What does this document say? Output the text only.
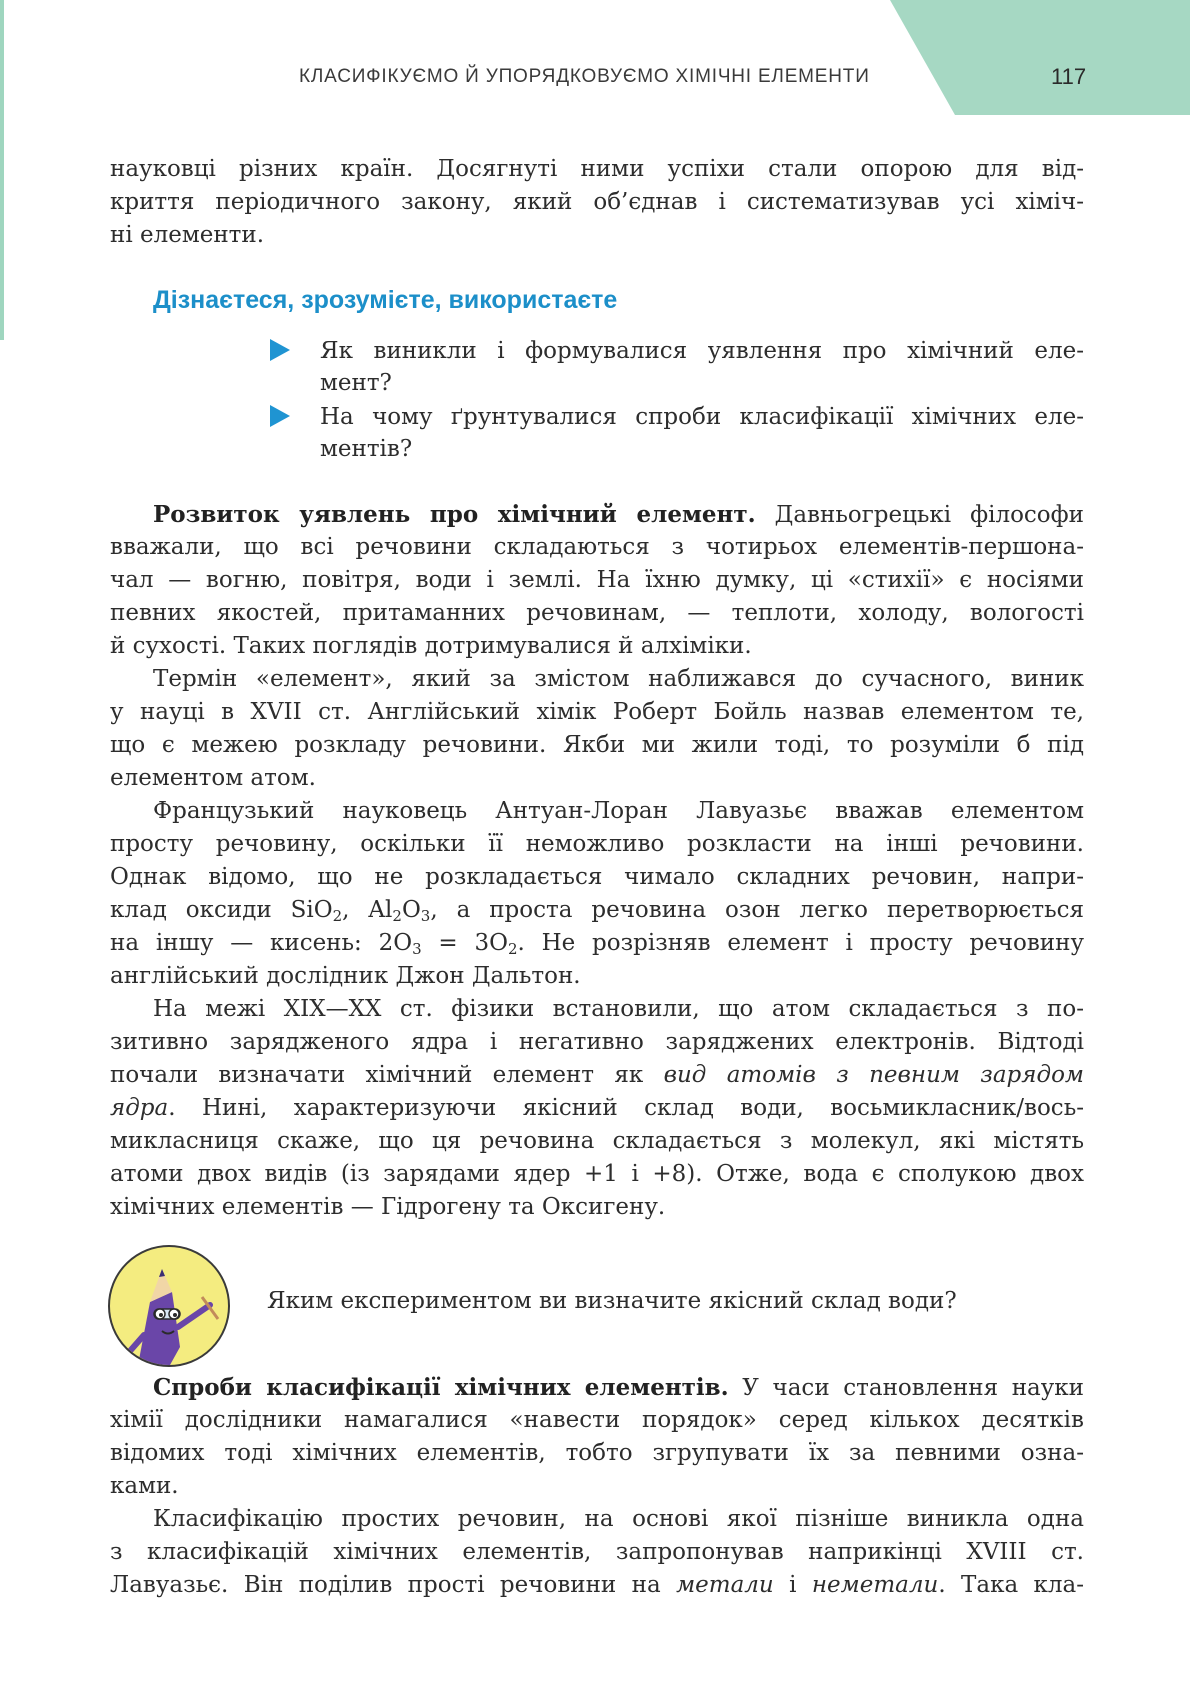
КЛАСИФІКУЄМО Й УПОРЯДКОВУЄМО ХІМІЧНІ ЕЛЕМЕНТИ	117
науковці різних країн. Досягнуті ними успіхи стали опорою для від-
криття періодичного закону, який об’єднав і систематизував усі хіміч-
ні елементи.
Дізнаєтеся, зрозумієте, використаєте
Як виникли і формувалися уявлення про хімічний еле-
мент?
На чому ґрунтувалися спроби класифікації хімічних еле-
ментів?
Розвиток уявлень про хімічний елемент. Давньогрецькі філософи
вважали, що всі речовини складаються з чотирьох елементів-першона-
чал — вогню, повітря, води і землі. На їхню думку, ці «стихії» є носіями
певних якостей, притаманних речовинам, — теплоти, холоду, вологості
й сухості. Таких поглядів дотримувалися й алхіміки.
Термін «елемент», який за змістом наближався до сучасного, виник
у науці в XVII ст. Англійський хімік Роберт Бойль назвав елементом те,
що є межею розкладу речовини. Якби ми жили тоді, то розуміли б під
елементом атом.
Французький науковець Антуан-Лоран Лавуазьє вважав елементом
просту речовину, оскільки її неможливо розкласти на інші речовини.
Однак відомо, що не розкладається чимало складних речовин, напри-
клад оксиди SiO$_2$, $Al_2O_3$, а проста речовина озон легко перетворюється
на іншу — кисень: $2O_3 = 3O_2$. Не розрізняв елемент і просту речовину
англійський дослідник Джон Дальтон.
На межі XIX—XX ст. фізики встановили, що атом складається з по-
зитивно зарядженого ядра і негативно заряджених електронів. Відтоді
почали визначати хімічний елемент як вид атомів з певним зарядом
ядра. Нині, характеризуючи якісний склад води, восьмикласник/вось-
микласниця скаже, що ця речовина складається з молекул, які містять
атоми двох видів (із зарядами ядер +1 і +8). Отже, вода є сполукою двох
хімічних елементів — Гідрогену та Оксигену.
Яким експериментом ви визначите якісний склад води?
Спроби класифікації хімічних елементів. У часи становлення науки
хімії дослідники намагалися «навести порядок» серед кількох десятків
відомих тоді хімічних елементів, тобто згрупувати їх за певними озна-
ками.
Класифікацію простих речовин, на основі якої пізніше виникла одна
з класифікацій хімічних елементів, запропонував наприкінці XVIII ст.
Лавуазьє. Він поділив прості речовини на метали і неметали. Така кла-
